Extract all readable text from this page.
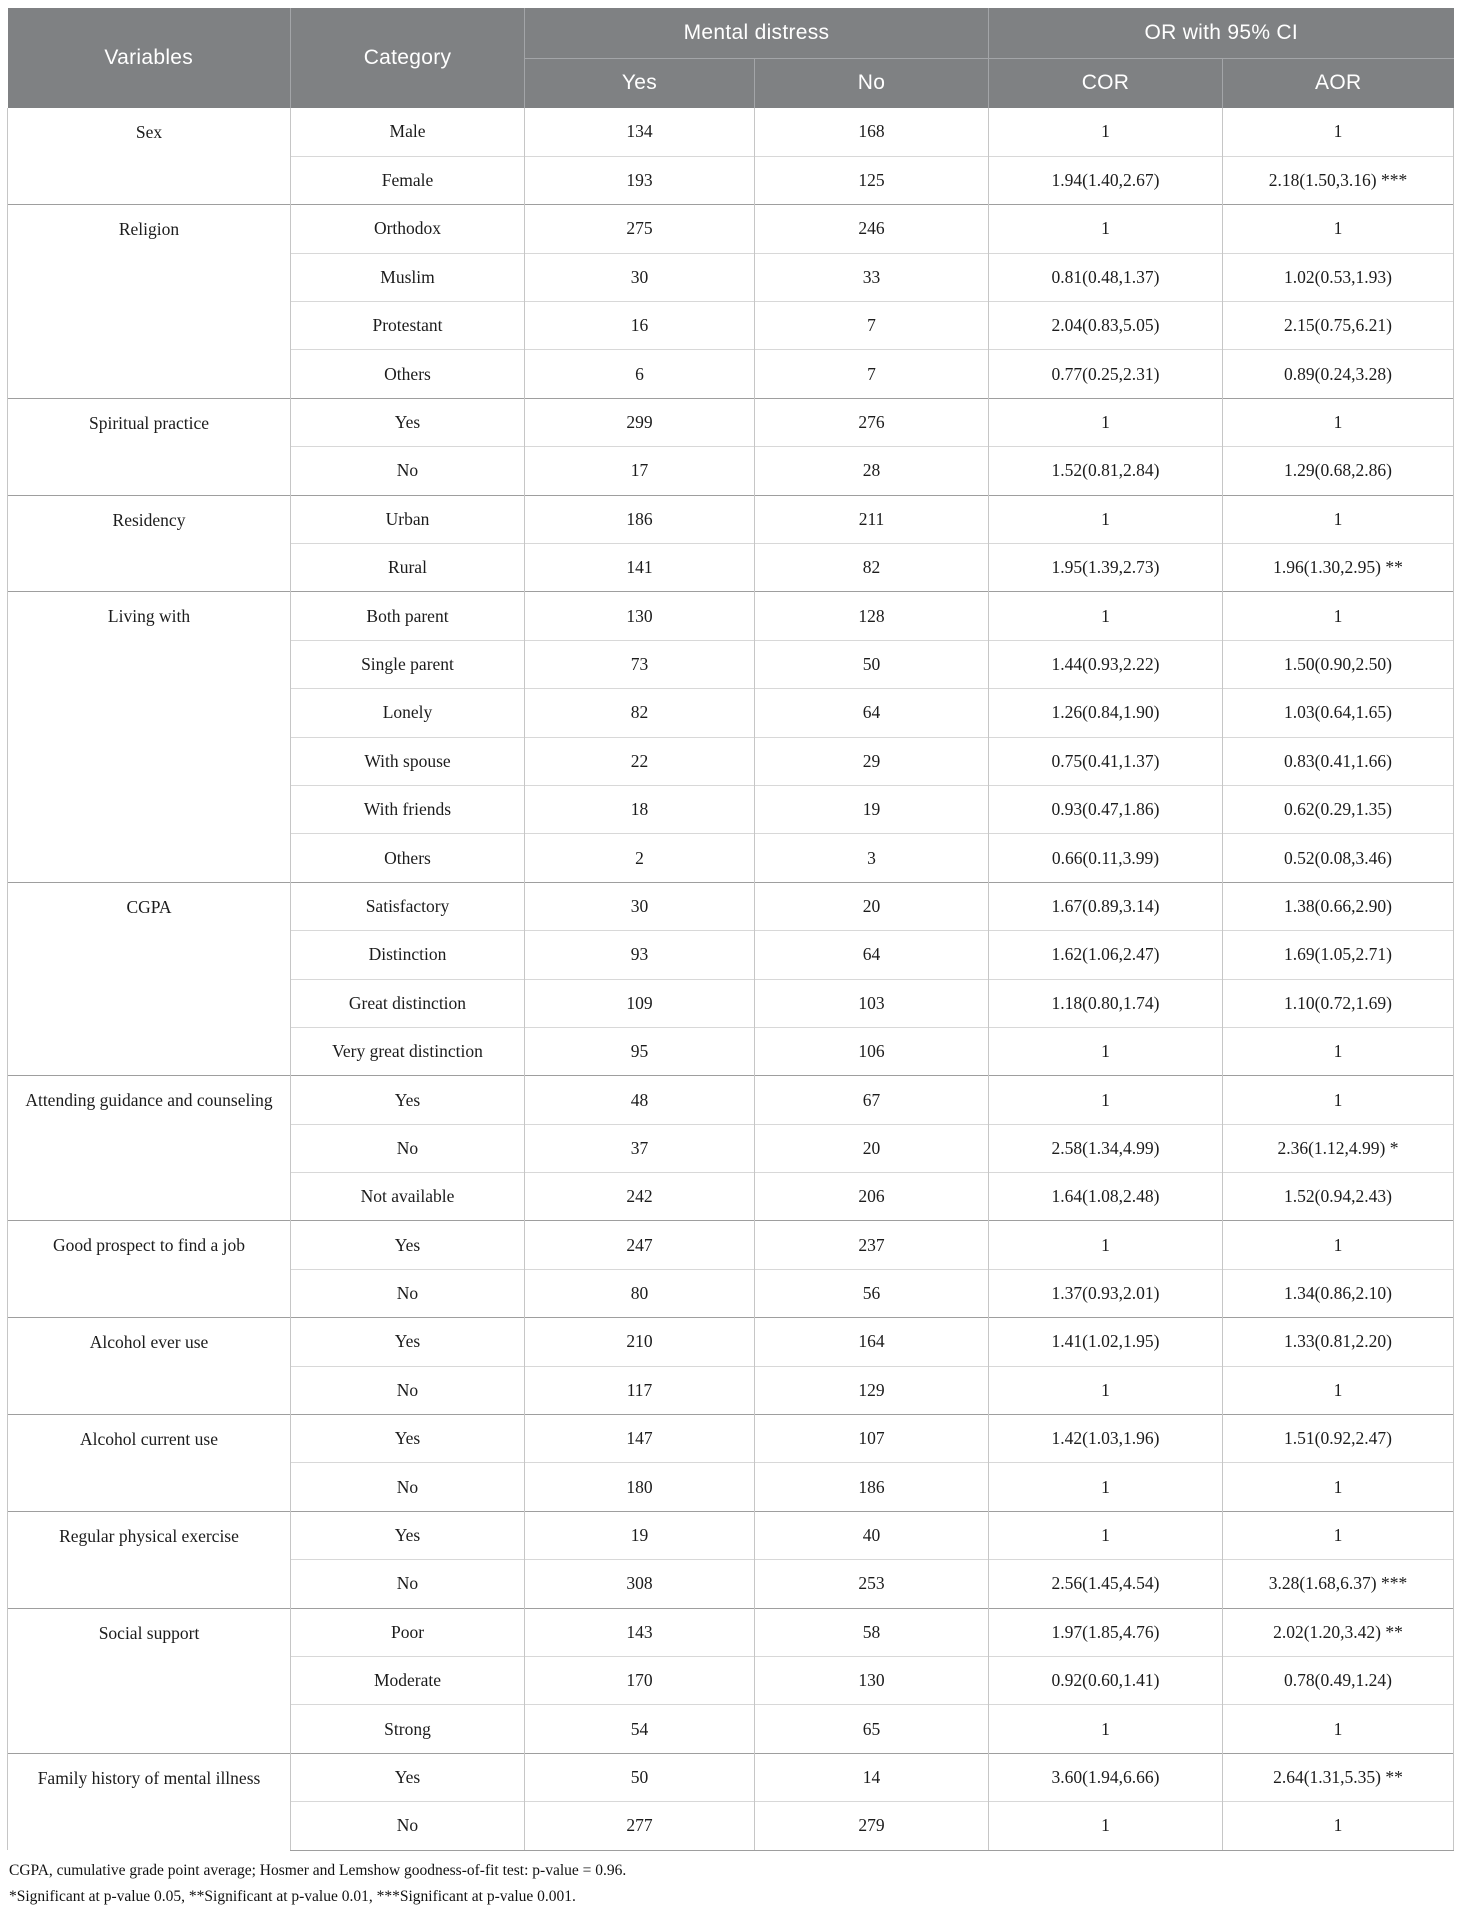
Variables	Category	Mental distress		OR with 95% CI	
		Yes	No	COR	AOR
Sex	Male	134	168	1	1
	Female	193	125	1.94(1.40,2.67)	2.18(1.50,3.16) ***
Religion	Orthodox	275	246	1	1
	Muslim	30	33	0.81(0.48,1.37)	1.02(0.53,1.93)
	Protestant	16	7	2.04(0.83,5.05)	2.15(0.75,6.21)
	Others	6	7	0.77(0.25,2.31)	0.89(0.24,3.28)
Spiritual practice	Yes	299	276	1	1
	No	17	28	1.52(0.81,2.84)	1.29(0.68,2.86)
Residency	Urban	186	211	1	1
	Rural	141	82	1.95(1.39,2.73)	1.96(1.30,2.95) **
Living with	Both parent	130	128	1	1
	Single parent	73	50	1.44(0.93,2.22)	1.50(0.90,2.50)
	Lonely	82	64	1.26(0.84,1.90)	1.03(0.64,1.65)
	With spouse	22	29	0.75(0.41,1.37)	0.83(0.41,1.66)
	With friends	18	19	0.93(0.47,1.86)	0.62(0.29,1.35)
	Others	2	3	0.66(0.11,3.99)	0.52(0.08,3.46)
CGPA	Satisfactory	30	20	1.67(0.89,3.14)	1.38(0.66,2.90)
	Distinction	93	64	1.62(1.06,2.47)	1.69(1.05,2.71)
	Great distinction	109	103	1.18(0.80,1.74)	1.10(0.72,1.69)
	Very great distinction	95	106	1	1
Attending guidance and counseling	Yes	48	67	1	1
	No	37	20	2.58(1.34,4.99)	2.36(1.12,4.99) *
	Not available	242	206	1.64(1.08,2.48)	1.52(0.94,2.43)
Good prospect to find a job	Yes	247	237	1	1
	No	80	56	1.37(0.93,2.01)	1.34(0.86,2.10)
Alcohol ever use	Yes	210	164	1.41(1.02,1.95)	1.33(0.81,2.20)
	No	117	129	1	1
Alcohol current use	Yes	147	107	1.42(1.03,1.96)	1.51(0.92,2.47)
	No	180	186	1	1
Regular physical exercise	Yes	19	40	1	1
	No	308	253	2.56(1.45,4.54)	3.28(1.68,6.37) ***
Social support	Poor	143	58	1.97(1.85,4.76)	2.02(1.20,3.42) **
	Moderate	170	130	0.92(0.60,1.41)	0.78(0.49,1.24)
	Strong	54	65	1	1
Family history of mental illness	Yes	50	14	3.60(1.94,6.66)	2.64(1.31,5.35) **
	No	277	279	1	1

CGPA, cumulative grade point average; Hosmer and Lemshow goodness-of-fit test: p-value = 0.96.

*Significant at p-value 0.05, **Significant at p-value 0.01, ***Significant at p-value 0.001.
